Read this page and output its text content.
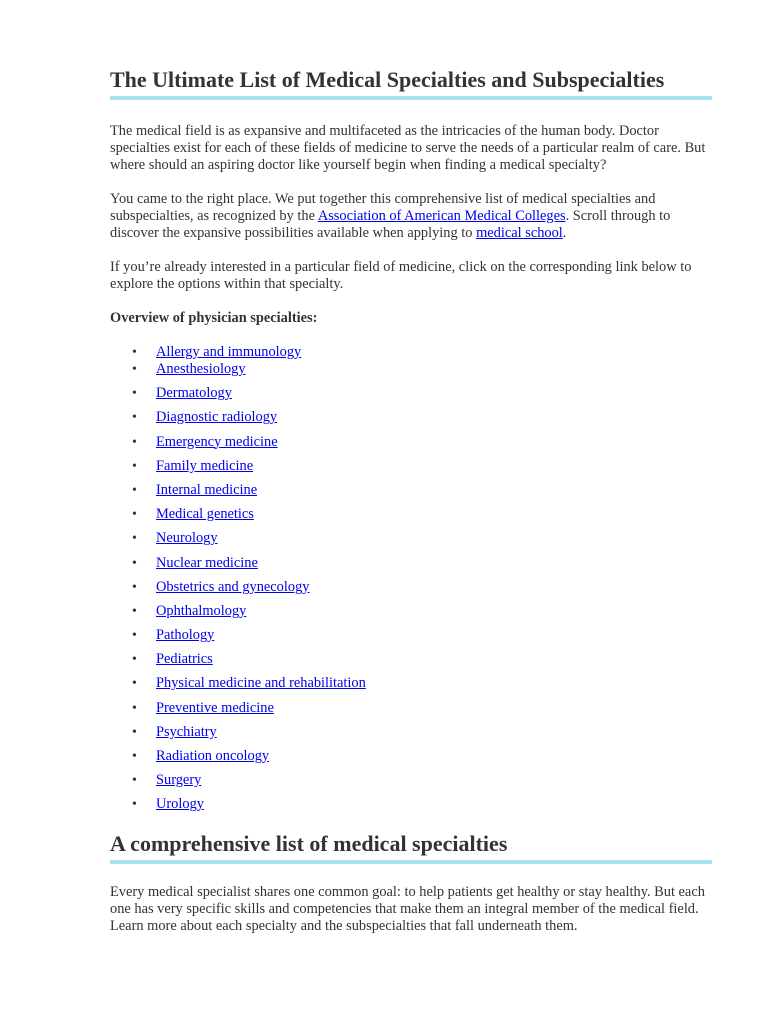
The Ultimate List of Medical Specialties and Subspecialties

The medical field is as expansive and multifaceted as the intricacies of the human body. Doctor specialties exist for each of these fields of medicine to serve the needs of a particular realm of care. But where should an aspiring doctor like yourself begin when finding a medical specialty?

You came to the right place. We put together this comprehensive list of medical specialties and subspecialties, as recognized by the Association of American Medical Colleges. Scroll through to discover the expansive possibilities available when applying to medical school.

If you’re already interested in a particular field of medicine, click on the corresponding link below to explore the options within that specialty.

Overview of physician specialties:

• Allergy and immunology
• Anesthesiology
• Dermatology
• Diagnostic radiology
• Emergency medicine
• Family medicine
• Internal medicine
• Medical genetics
• Neurology
• Nuclear medicine
• Obstetrics and gynecology
• Ophthalmology
• Pathology
• Pediatrics
• Physical medicine and rehabilitation
• Preventive medicine
• Psychiatry
• Radiation oncology
• Surgery
• Urology
A comprehensive list of medical specialties

Every medical specialist shares one common goal: to help patients get healthy or stay healthy. But each one has very specific skills and competencies that make them an integral member of the medical field. Learn more about each specialty and the subspecialties that fall underneath them.
